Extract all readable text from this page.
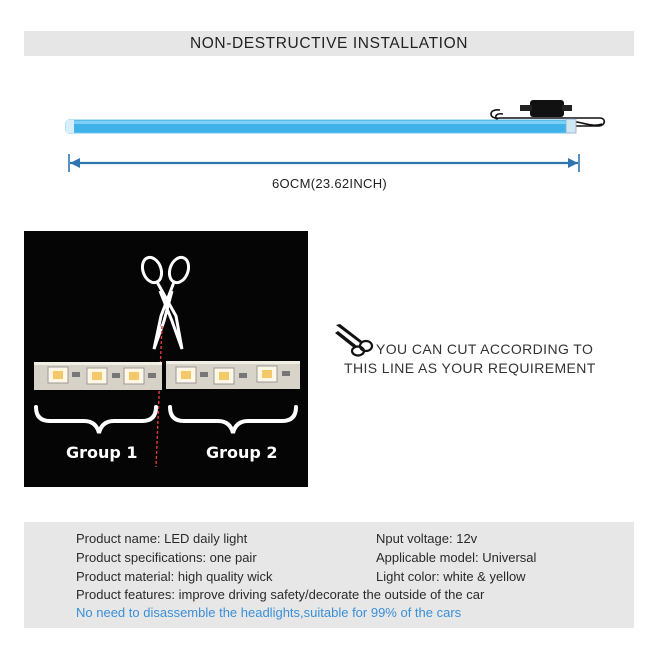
NON-DESTRUCTIVE INSTALLATION
6OCM(23.62INCH)
Group 1	Group 2
YOU CAN CUT ACCORDING TO
THIS LINE AS YOUR REQUIREMENT
Product name: LED daily light	Nput voltage: 12v
Product specifications: one pair	Applicable model: Universal
Product material: high quality wick	Light color: white & yellow
Product features: improve driving safety/decorate the outside of the car
No need to disassemble the headlights,suitable for 99% of the cars
